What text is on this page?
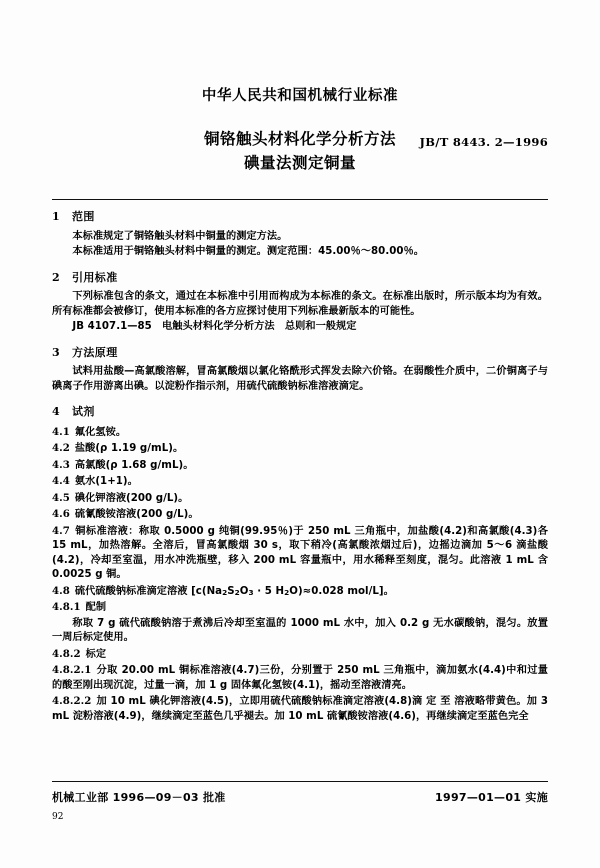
中华人民共和国机械行业标准
铜铬触头材料化学分析方法
碘量法测定铜量
JB/T 8443. 2—1996
1 范围

本标准规定了铜铬触头材料中铜量的测定方法。

本标准适用于铜铬触头材料中铜量的测定。测定范围：45.00％～80.00％。

2 引用标准

下列标准包含的条文，通过在本标准中引用而构成为本标准的条文。在标准出版时，所示版本均为有效。所有标准都会被修订，使用本标准的各方应探讨使用下列标准最新版本的可能性。

JB 4107.1—85　电触头材料化学分析方法　总则和一般规定

3 方法原理

试料用盐酸—高氯酸溶解，冒高氯酸烟以氯化铬酰形式挥发去除六价铬。在弱酸性介质中，二价铜离子与碘离子作用游离出碘。以淀粉作指示剂，用硫代硫酸钠标准溶液滴定。

4 试剂

4.1 氟化氢铵。

4.2 盐酸(ρ 1.19 g/mL)。

4.3 高氯酸(ρ 1.68 g/mL)。

4.4 氨水(1+1)。

4.5 碘化钾溶液(200 g/L)。

4.6 硫氰酸铵溶液(200 g/L)。

4.7 铜标准溶液：称取 0.5000 g 纯铜(99.95％)于 250 mL 三角瓶中，加盐酸(4.2)和高氯酸(4.3)各 15 mL，加热溶解。全溶后，冒高氯酸烟 30 s，取下稍冷(高氯酸浓烟过后)，边摇边滴加 5～6 滴盐酸(4.2)，冷却至室温，用水冲洗瓶壁，移入 200 mL 容量瓶中，用水稀释至刻度，混匀。此溶液 1 mL 含 0.0025 g 铜。

4.8 硫代硫酸钠标准滴定溶液 [$c(Na_2S_2O_3 \cdot 5$ $H_2O)\approx 0.028$ mol/L]。

4.8.1 配制

称取 7 g 硫代硫酸钠溶于煮沸后冷却至室温的 1000 mL 水中，加入 0.2 g 无水碳酸钠，混匀。放置一周后标定使用。

4.8.2 标定

4.8.2.1 分取 20.00 mL 铜标准溶液(4.7)三份，分别置于 250 mL 三角瓶中，滴加氨水(4.4)中和过量的酸至刚出现沉淀，过量一滴，加 1 g 固体氟化氢铵(4.1)，摇动至溶液清亮。

4.8.2.2 加 10 mL 碘化钾溶液(4.5)，立即用硫代硫酸钠标准滴定溶液(4.8)滴 定 至 溶液略带黄色。加 3 mL 淀粉溶液(4.9)，继续滴定至蓝色几乎褪去。加 10 mL 硫氰酸铵溶液(4.6)，再继续滴定至蓝色完全

机械工业部 1996—09－03 批准	1997—01—01 实施
92
